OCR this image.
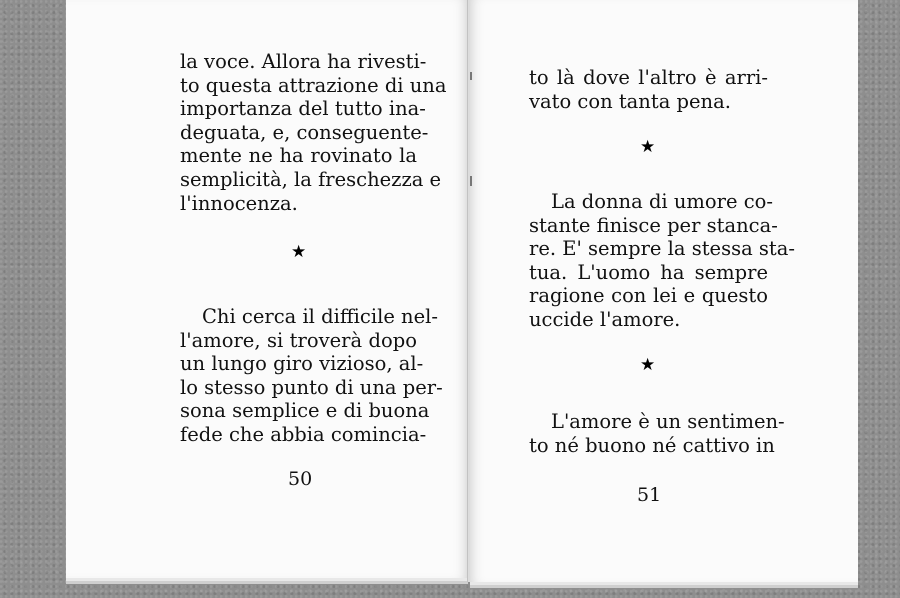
la voce. Allora ha rivesti-
to questa attrazione di una
importanza del tutto ina-
deguata, e, conseguente-
mente ne ha rovinato la
semplicità, la freschezza e
l'innocenza.
★
Chi cerca il difficile nel-
l'amore, si troverà dopo
un lungo giro vizioso, al-
lo stesso punto di una per-
sona semplice e di buona
fede che abbia comincia-
50
to là dove l'altro è arri-
vato con tanta pena.
★
La donna di umore co-
stante finisce per stanca-
re. E' sempre la stessa sta-
tua. L'uomo ha sempre
ragione con lei e questo
uccide l'amore.
★
L'amore è un sentimen-
to né buono né cattivo in
51
